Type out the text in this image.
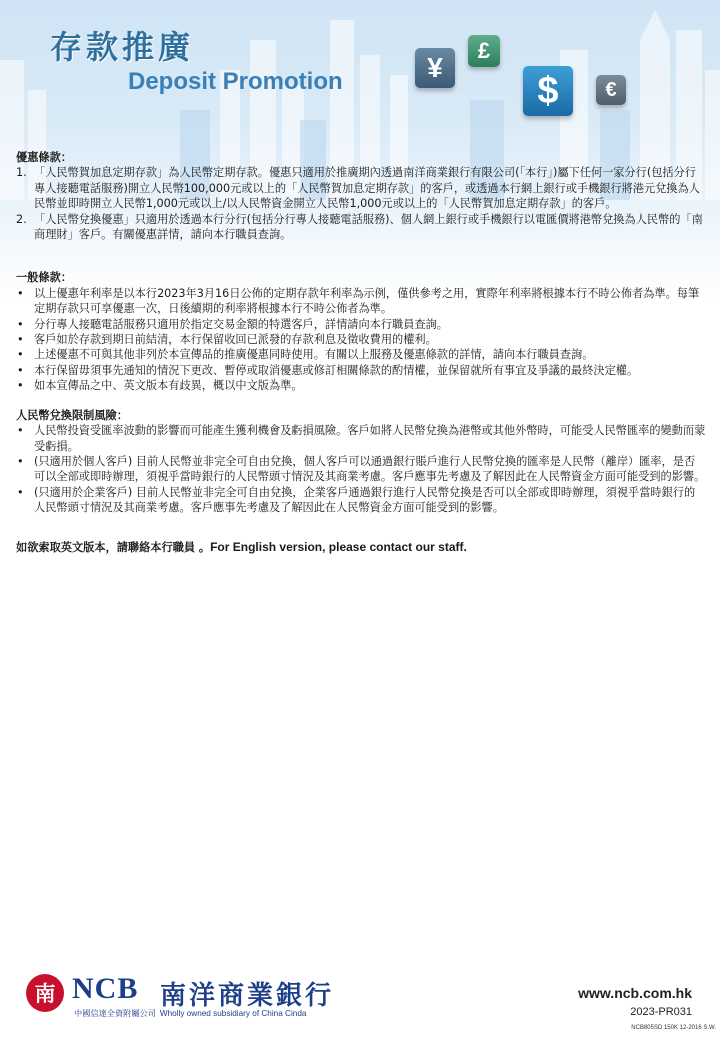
存款推廣
Deposit Promotion	¥
£
$	€

優惠條款：

1. 「人民幣賀加息定期存款」為人民幣定期存款。優惠只適用於推廣期內透過南洋商業銀行有限公司(「本行」)屬下任何一家分行(包括分行專人接聽電話服務)開立人民幣100,000元或以上的「人民幣賀加息定期存款」的客戶，或透過本行網上銀行或手機銀行將港元兌換為人民幣並即時開立人民幣1,000元或以上/以人民幣資金開立人民幣1,000元或以上的「人民幣賀加息定期存款」的客戶。
2. 「人民幣兌換優惠」只適用於透過本行分行(包括分行專人接聽電話服務)、個人網上銀行或手機銀行以電匯價將港幣兌換為人民幣的「南商理財」客戶。有關優惠詳情，請向本行職員查詢。

一般條款：

• 以上優惠年利率是以本行2023年3月16日公佈的定期存款年利率為示例，僅供參考之用，實際年利率將根據本行不時公佈者為準。每筆定期存款只可享優惠一次，日後續期的利率將根據本行不時公佈者為準。
• 分行專人接聽電話服務只適用於指定交易金額的特選客戶，詳情請向本行職員查詢。
• 客戶如於存款到期日前結清，本行保留收回已派發的存款利息及徵收費用的權利。
• 上述優惠不可與其他非列於本宣傳品的推廣優惠同時使用。有關以上服務及優惠條款的詳情，請向本行職員查詢。
• 本行保留毋須事先通知的情況下更改、暫停或取消優惠或修訂相關條款的酌情權，並保留就所有事宜及爭議的最終決定權。
• 如本宣傳品之中、英文版本有歧異，概以中文版為準。

人民幣兌換限制風險：

• 人民幣投資受匯率波動的影響而可能產生獲利機會及虧損風險。客戶如將人民幣兌換為港幣或其他外幣時，可能受人民幣匯率的變動而蒙受虧損。
• (只適用於個人客戶) 目前人民幣並非完全可自由兌換，個人客戶可以通過銀行賬戶進行人民幣兌換的匯率是人民幣（離岸）匯率，是否可以全部或即時辦理，須視乎當時銀行的人民幣頭寸情況及其商業考慮。客戶應事先考慮及了解因此在人民幣資金方面可能受到的影響。
• (只適用於企業客戶) 目前人民幣並非完全可自由兌換，企業客戶通過銀行進行人民幣兌換是否可以全部或即時辦理，須視乎當時銀行的人民幣頭寸情況及其商業考慮。客戶應事先考慮及了解因此在人民幣資金方面可能受到的影響。

如欲索取英文版本，請聯絡本行職員 。For English version, please contact our staff.

南 NCB 南洋商業銀行
中國信達全資附屬公司 Wholly owned subsidiary of China Cinda
www.ncb.com.hk
2023-PR031
NCB805SD 150K 12-2016 S.W.
